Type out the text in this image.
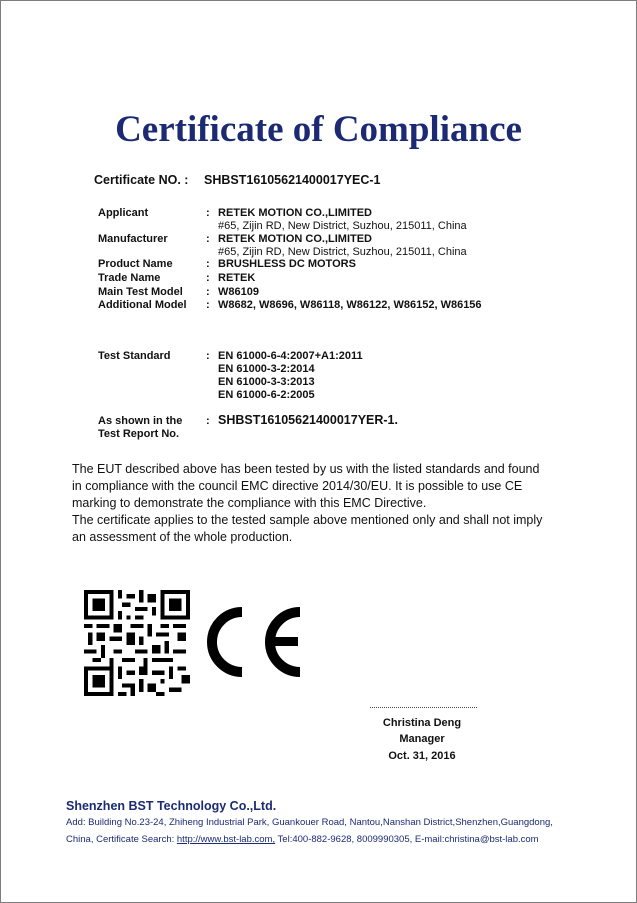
Certificate of Compliance
Certificate NO. : SHBST16105621400017YEC-1
Applicant	: RETEK MOTION CO.,LIMITED
#65, Zijin RD, New District, Suzhou, 215011, China
Manufacturer	: RETEK MOTION CO.,LIMITED
#65, Zijin RD, New District, Suzhou, 215011, China
Product Name	: BRUSHLESS DC MOTORS
Trade Name	: RETEK
Main Test Model : W86109
Additional Model : W8682, W8696, W86118, W86122, W86152, W86156
Test Standard	: EN 61000-6-4:2007+A1:2011
EN 61000-3-2:2014
EN 61000-3-3:2013
EN 61000-6-2:2005
As shown in the
Test Report No.
: SHBST16105621400017YER-1.

The EUT described above has been tested by us with the listed standards and found

in compliance with the council EMC directive 2014/30/EU. It is possible to use CE

marking to demonstrate the compliance with this EMC Directive.

The certificate applies to the tested sample above mentioned only and shall not imply

an assessment of the whole production.

Christina Deng
Manager
Oct. 31, 2016
Shenzhen BST Technology Co.,Ltd.
Add: Building No.23-24, Zhiheng Industrial Park, Guankouer Road, Nantou,Nanshan District,Shenzhen,Guangdong,
China, Certificate Search: http://www.bst-lab.com, Tel:400-882-9628, 8009990305, E-mail:christina@bst-lab.com
